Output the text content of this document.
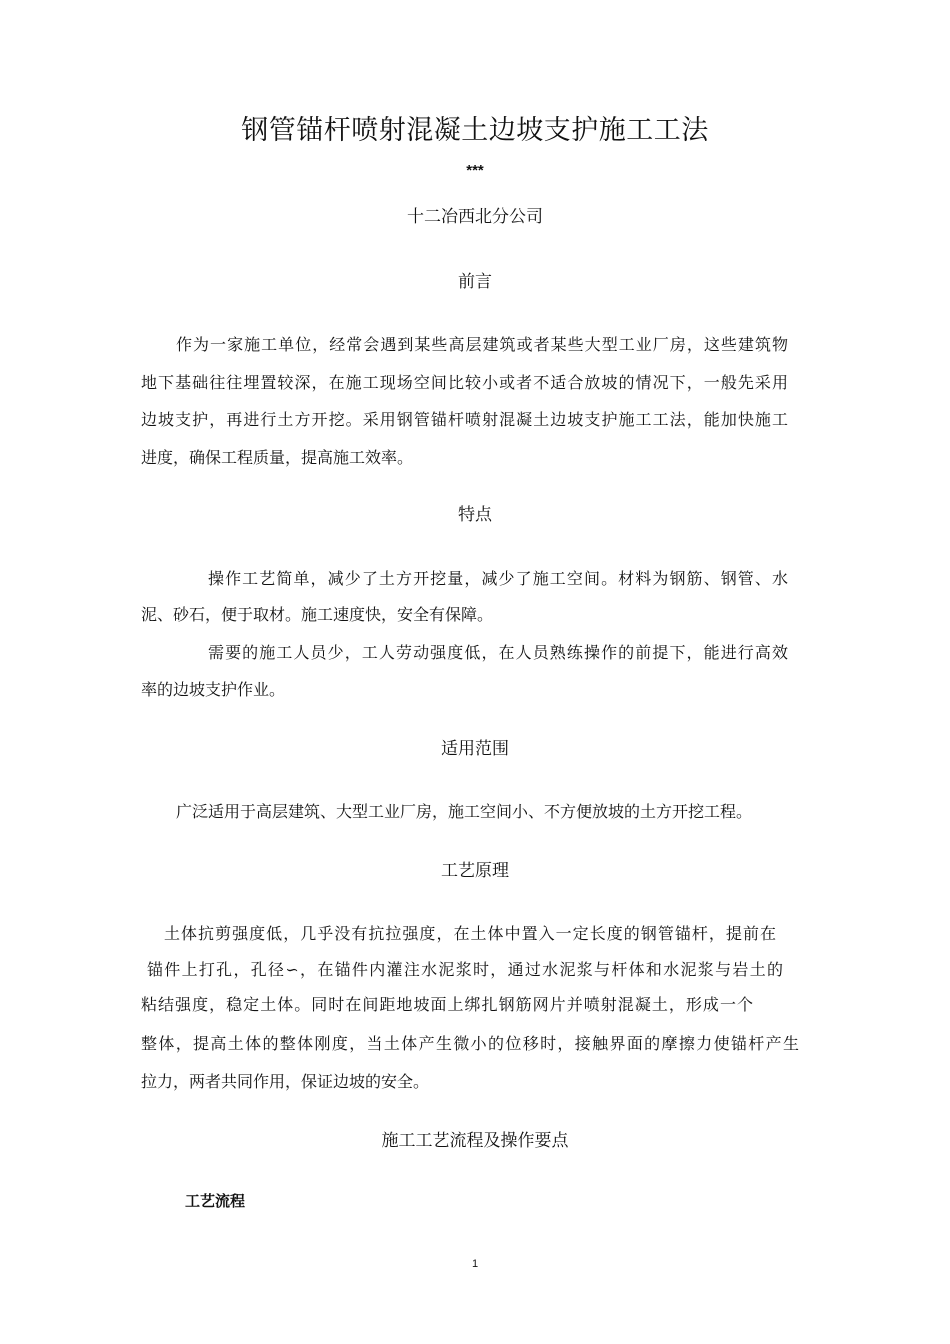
钢管锚杆喷射混凝土边坡支护施工工法
***
十二冶西北分公司
前言
作为一家施工单位，经常会遇到某些高层建筑或者某些大型工业厂房，这些建筑物
地下基础往往埋置较深，在施工现场空间比较小或者不适合放坡的情况下，一般先采用
边坡支护，再进行土方开挖。采用钢管锚杆喷射混凝土边坡支护施工工法，能加快施工
进度，确保工程质量，提高施工效率。
特点
操作工艺简单，减少了土方开挖量，减少了施工空间。材料为钢筋、钢管、水
泥、砂石，便于取材。施工速度快，安全有保障。
需要的施工人员少，工人劳动强度低，在人员熟练操作的前提下，能进行高效
率的边坡支护作业。
适用范围
广泛适用于高层建筑、大型工业厂房，施工空间小、不方便放坡的土方开挖工程。
工艺原理
土体抗剪强度低，几乎没有抗拉强度，在土体中置入一定长度的钢管锚杆，提前在
锚件上打孔，孔径∽，在锚件内灌注水泥浆时，通过水泥浆与杆体和水泥浆与岩土的
粘结强度，稳定土体。同时在间距地坡面上绑扎钢筋网片并喷射混凝土，形成一个
整体，提高土体的整体刚度，当土体产生微小的位移时，接触界面的摩擦力使锚杆产生
拉力，两者共同作用，保证边坡的安全。
施工工艺流程及操作要点
工艺流程
1
